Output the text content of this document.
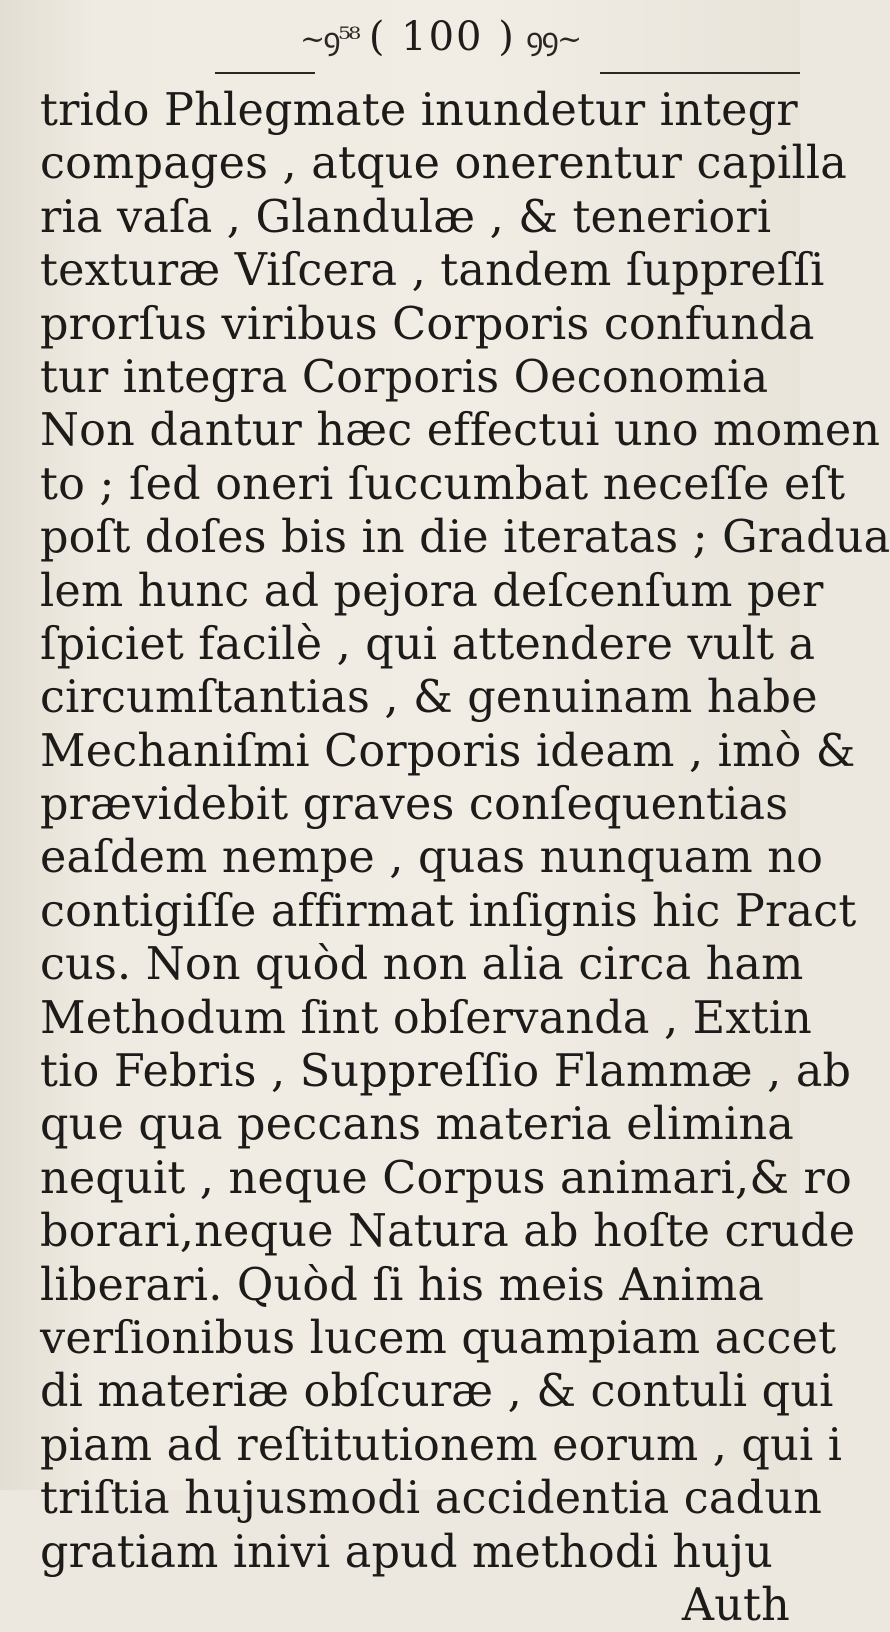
~ꝯ⁵⁸ ( 100 ) ꝯꝯ~
trido Phlegmate inundetur integr
compages , atque onerentur capilla
ria vaſa , Glandulæ , & teneriori
texturæ Viſcera , tandem ſuppreſſi
prorſus viribus Corporis confunda
tur integra Corporis Oeconomia
Non dantur hæc effectui uno momen
to ; ſed oneri ſuccumbat neceſſe eſt
poſt doſes bis in die iteratas ; Gradua
lem hunc ad pejora deſcenſum per
ſpiciet facilè , qui attendere vult a
circumſtantias , & genuinam habe
Mechaniſmi Corporis ideam , imò &
prævidebit graves conſequentias
eaſdem nempe , quas nunquam no
contigiſſe affirmat inſignis hic Pract
cus. Non quòd non alia circa ham
Methodum ſint obſervanda , Extin
tio Febris , Suppreſſio Flammæ , ab
que qua peccans materia elimina
nequit , neque Corpus animari,& ro
borari,neque Natura ab hoſte crude
liberari. Quòd ſi his meis Anima
verſionibus lucem quampiam accet
di materiæ obſcuræ , & contuli qui
piam ad reſtitutionem eorum , qui i
triſtia hujusmodi accidentia cadun
gratiam inivi apud methodi huju
Auth
